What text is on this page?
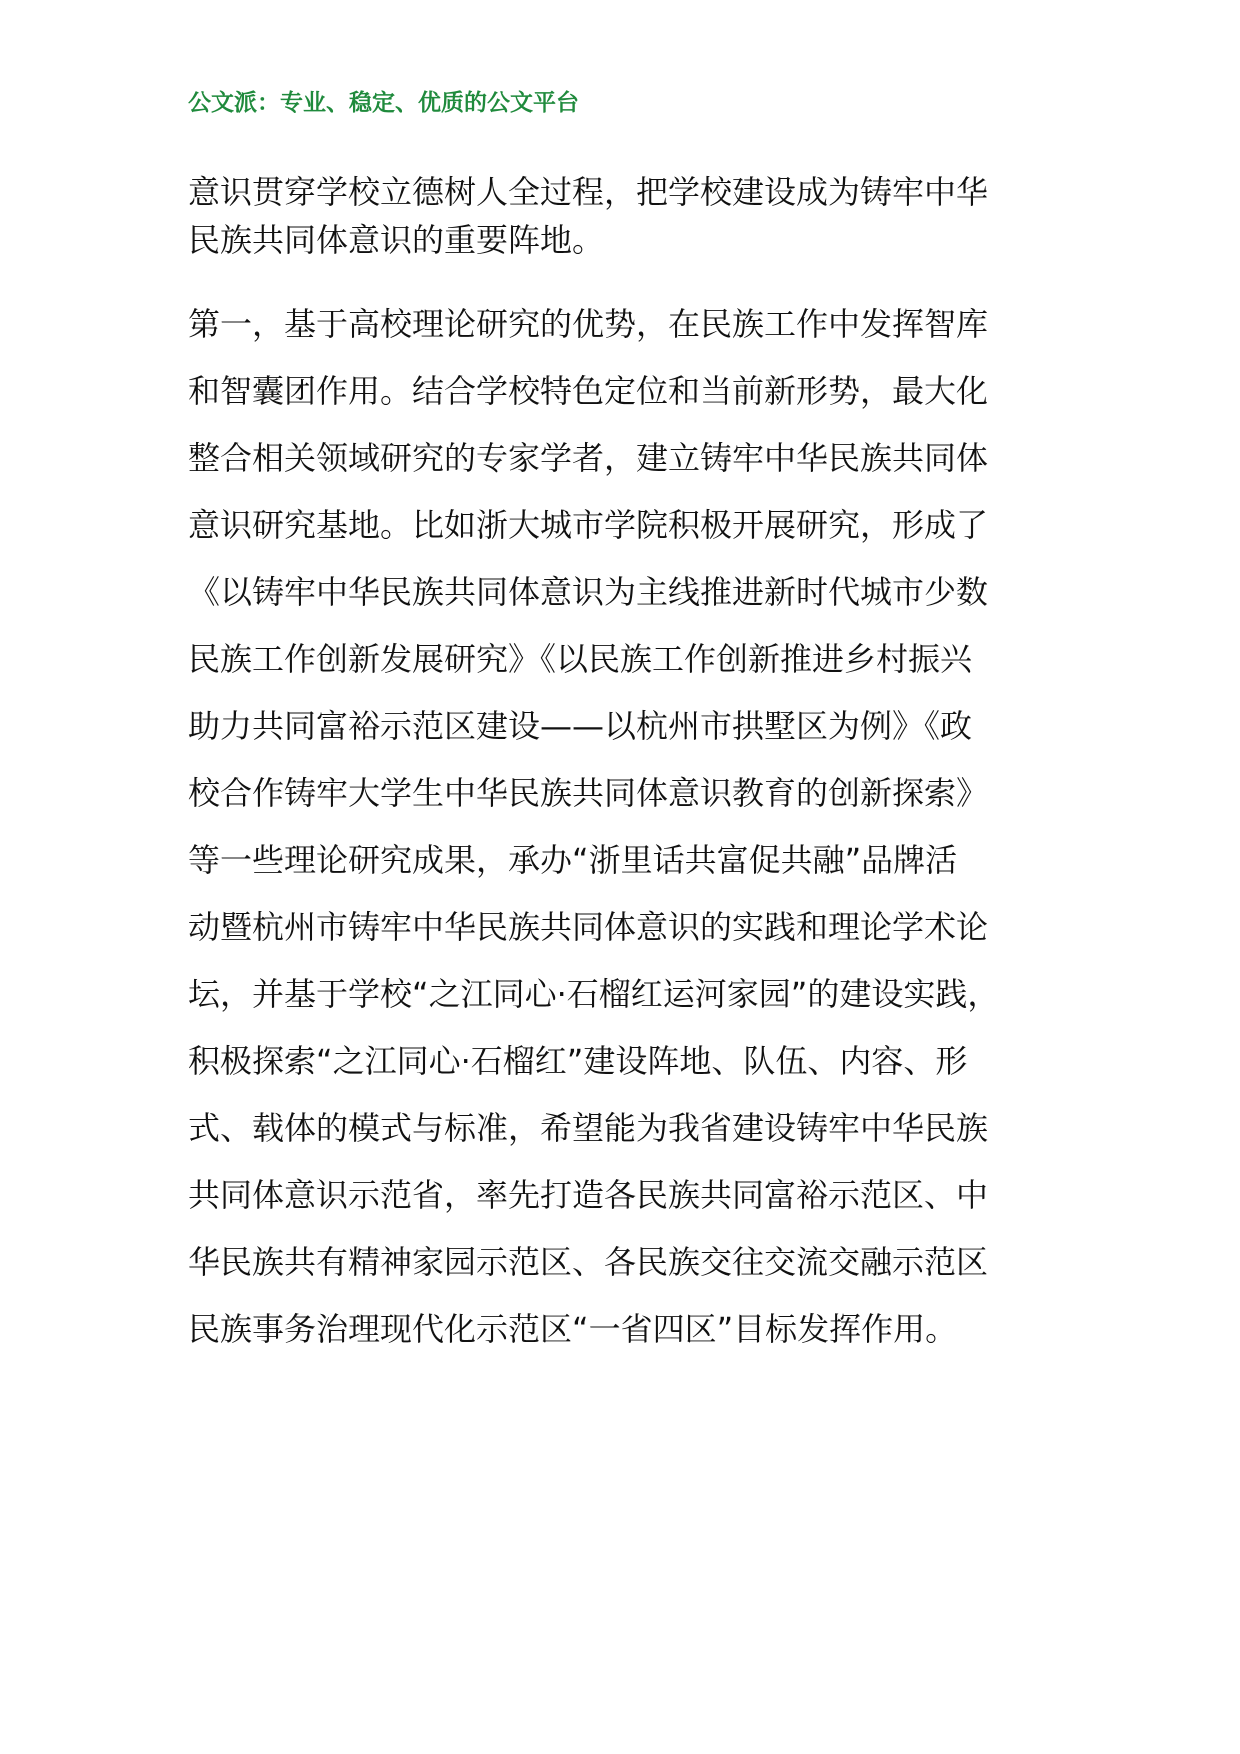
公文派：专业、稳定、优质的公文平台
意识贯穿学校立德树人全过程，把学校建设成为铸牢中华
民族共同体意识的重要阵地。
第一，基于高校理论研究的优势，在民族工作中发挥智库
和智囊团作用。结合学校特色定位和当前新形势，最大化
整合相关领域研究的专家学者，建立铸牢中华民族共同体
意识研究基地。比如浙大城市学院积极开展研究，形成了
《以铸牢中华民族共同体意识为主线推进新时代城市少数
民族工作创新发展研究》《以民族工作创新推进乡村振兴
助力共同富裕示范区建设——以杭州市拱墅区为例》《政
校合作铸牢大学生中华民族共同体意识教育的创新探索》
等一些理论研究成果，承办“浙里话共富促共融”品牌活
动暨杭州市铸牢中华民族共同体意识的实践和理论学术论
坛，并基于学校“之江同心·石榴红运河家园”的建设实践，
积极探索“之江同心·石榴红”建设阵地、队伍、内容、形
式、载体的模式与标准，希望能为我省建设铸牢中华民族
共同体意识示范省，率先打造各民族共同富裕示范区、中
华民族共有精神家园示范区、各民族交往交流交融示范区
民族事务治理现代化示范区“一省四区”目标发挥作用。
